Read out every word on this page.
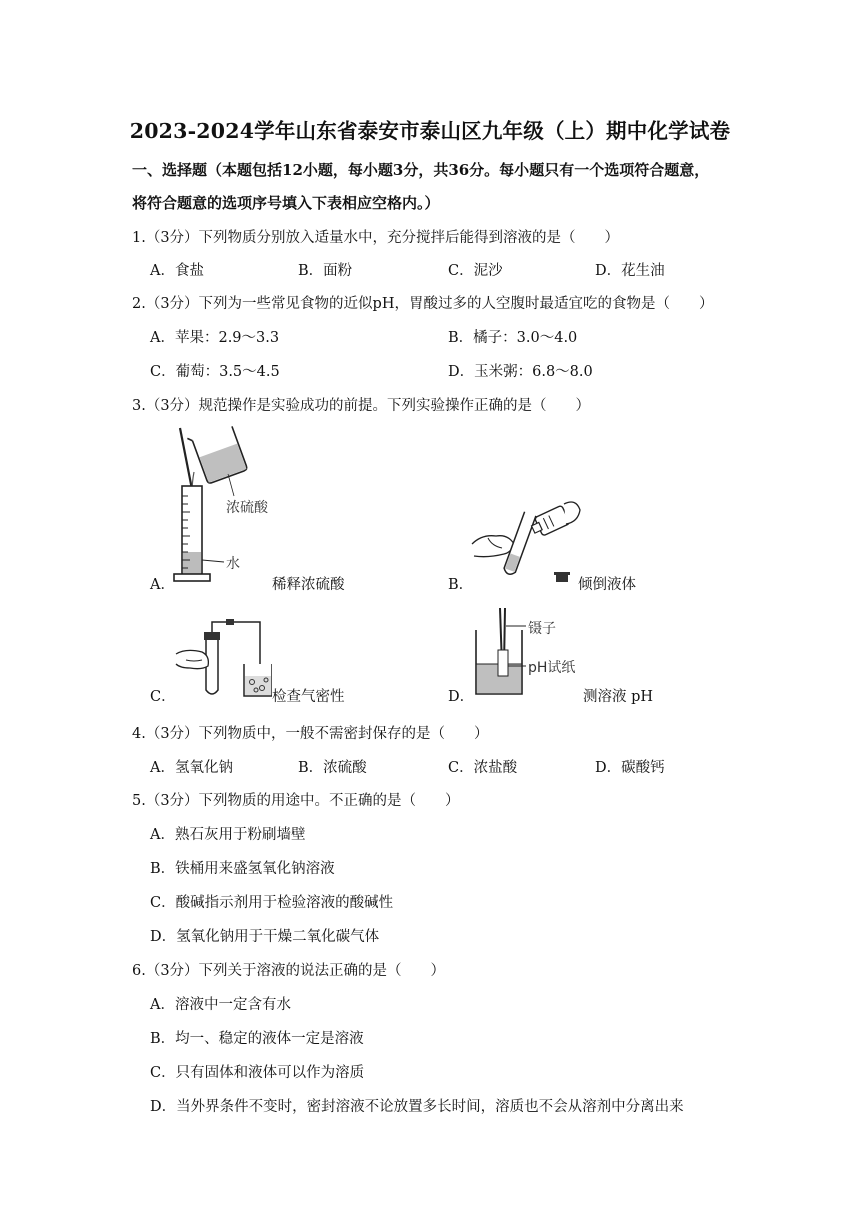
2023-2024学年山东省泰安市泰山区九年级（上）期中化学试卷
一、选择题（本题包括12小题，每小题3分，共36分。每小题只有一个选项符合题意，
将符合题意的选项序号填入下表相应空格内。）
1.（3分）下列物质分别放入适量水中，充分搅拌后能得到溶液的是（　　）
A．食盐	B．面粉	C．泥沙	D．花生油
2.（3分）下列为一些常见食物的近似pH，胃酸过多的人空腹时最适宜吃的食物是（　　）
A．苹果：2.9～3.3	B．橘子：3.0～4.0
C．葡萄：3.5～4.5	D．玉米粥：6.8～8.0
3.（3分）规范操作是实验成功的前提。下列实验操作正确的是（　　）
浓硫酸
水
A．	稀释浓硫酸	B．	倾倒液体
C．	检查气密性
镊子
pH试纸
D．	测溶液 pH
4.（3分）下列物质中，一般不需密封保存的是（　　）
A．氢氧化钠	B．浓硫酸	C．浓盐酸	D．碳酸钙
5.（3分）下列物质的用途中。不正确的是（　　）
A．熟石灰用于粉刷墙壁
B．铁桶用来盛氢氧化钠溶液
C．酸碱指示剂用于检验溶液的酸碱性
D．氢氧化钠用于干燥二氧化碳气体
6.（3分）下列关于溶液的说法正确的是（　　）
A．溶液中一定含有水
B．均一、稳定的液体一定是溶液
C．只有固体和液体可以作为溶质
D．当外界条件不变时，密封溶液不论放置多长时间，溶质也不会从溶剂中分离出来
